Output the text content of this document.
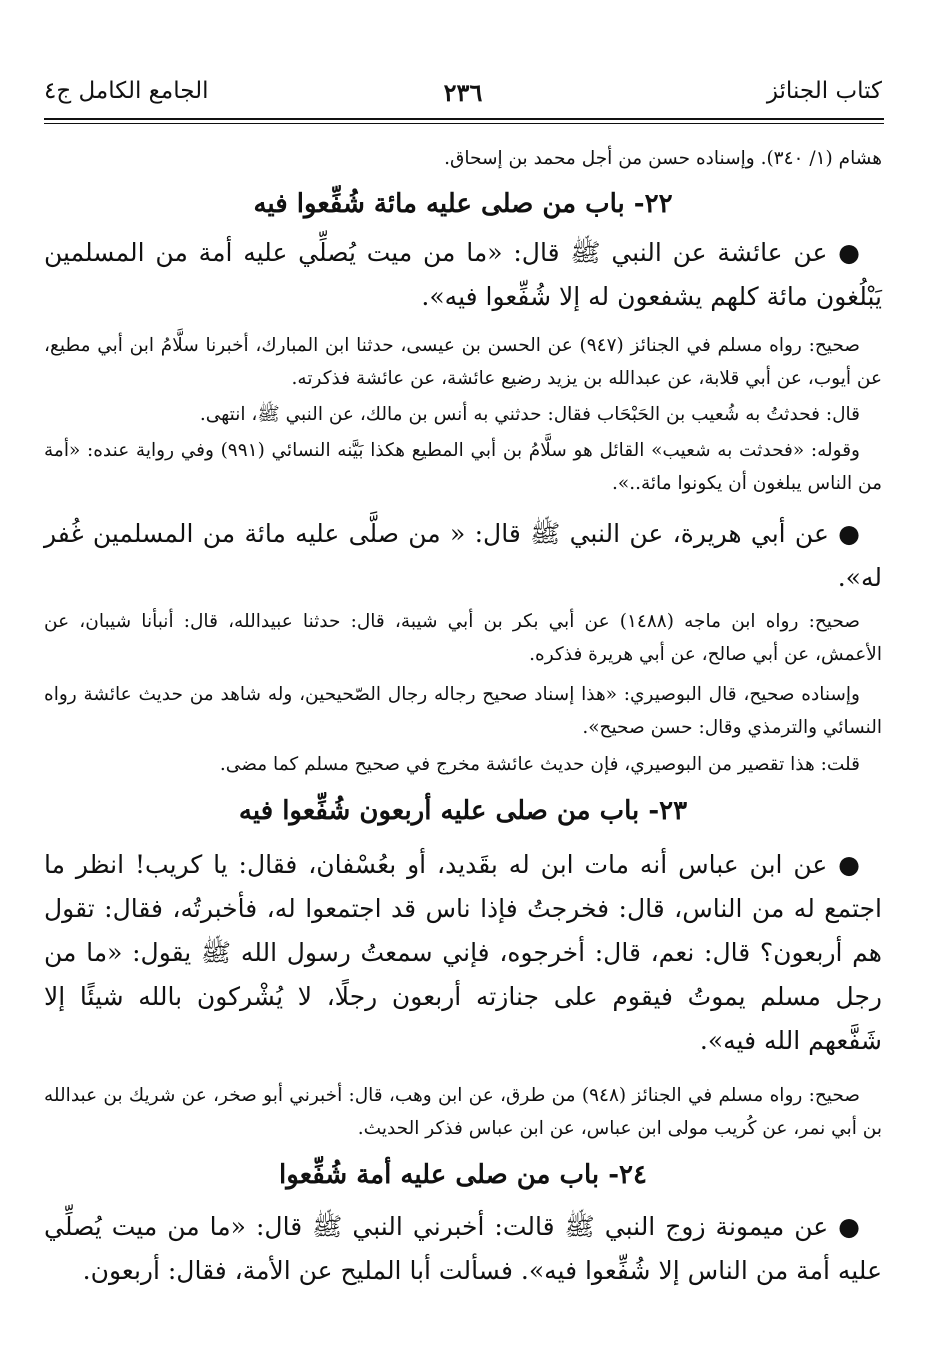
كتاب الجنائز
٢٣٦
الجامع الكامل ج٤

هشام (١/ ٣٤٠). وإسناده حسن من أجل محمد بن إسحاق.

٢٢- باب من صلى عليه مائة شُفِّعوا فيه

● عن عائشة عن النبي ﷺ قال: «ما من ميت يُصلِّي عليه أمة من المسلمين يَبْلُغون مائة كلهم يشفعون له إلا شُفِّعوا فيه».

صحيح: رواه مسلم في الجنائز (٩٤٧) عن الحسن بن عيسى، حدثنا ابن المبارك، أخبرنا سلَّامُ ابن أبي مطيع، عن أيوب، عن أبي قلابة، عن عبدالله بن يزيد رضيع عائشة، عن عائشة فذكرته.

قال: فحدثتُ به شُعيب بن الحَبْحَاب فقال: حدثني به أنس بن مالك، عن النبي ﷺ، انتهى.

وقوله: «فحدثت به شعيب» القائل هو سلَّامُ بن أبي المطيع هكذا بَيَّنه النسائي (٩٩١) وفي رواية عنده: «أمة من الناس يبلغون أن يكونوا مائة..».

● عن أبي هريرة، عن النبي ﷺ قال: « من صلَّى عليه مائة من المسلمين غُفر له».

صحيح: رواه ابن ماجه (١٤٨٨) عن أبي بكر بن أبي شيبة، قال: حدثنا عبيدالله، قال: أنبأنا شيبان، عن الأعمش، عن أبي صالح، عن أبي هريرة فذكره.

وإسناده صحيح، قال البوصيري: «هذا إسناد صحيح رجاله رجال الصّحيحين، وله شاهد من حديث عائشة رواه النسائي والترمذي وقال: حسن صحيح».

قلت: هذا تقصير من البوصيري، فإن حديث عائشة مخرج في صحيح مسلم كما مضى.

٢٣- باب من صلى عليه أربعون شُفِّعوا فيه

● عن ابن عباس أنه مات ابن له بقَديد، أو بعُسْفان، فقال: يا كريب! انظر ما اجتمع له من الناس، قال: فخرجتُ فإذا ناس قد اجتمعوا له، فأخبرتُه، فقال: تقول هم أربعون؟ قال: نعم، قال: أخرجوه، فإني سمعتُ رسول الله ﷺ يقول: «ما من رجل مسلم يموتُ فيقوم على جنازته أربعون رجلًا، لا يُشْركون بالله شيئًا إلا شَفَّعهم الله فيه».

صحيح: رواه مسلم في الجنائز (٩٤٨) من طرق، عن ابن وهب، قال: أخبرني أبو صخر، عن شريك بن عبدالله بن أبي نمر، عن كُريب مولى ابن عباس، عن ابن عباس فذكر الحديث.

٢٤- باب من صلى عليه أمة شُفِّعوا

● عن ميمونة زوج النبي ﷺ قالت: أخبرني النبي ﷺ قال: «ما من ميت يُصلِّي عليه أمة من الناس إلا شُفِّعوا فيه». فسألت أبا المليح عن الأمة، فقال: أربعون.
